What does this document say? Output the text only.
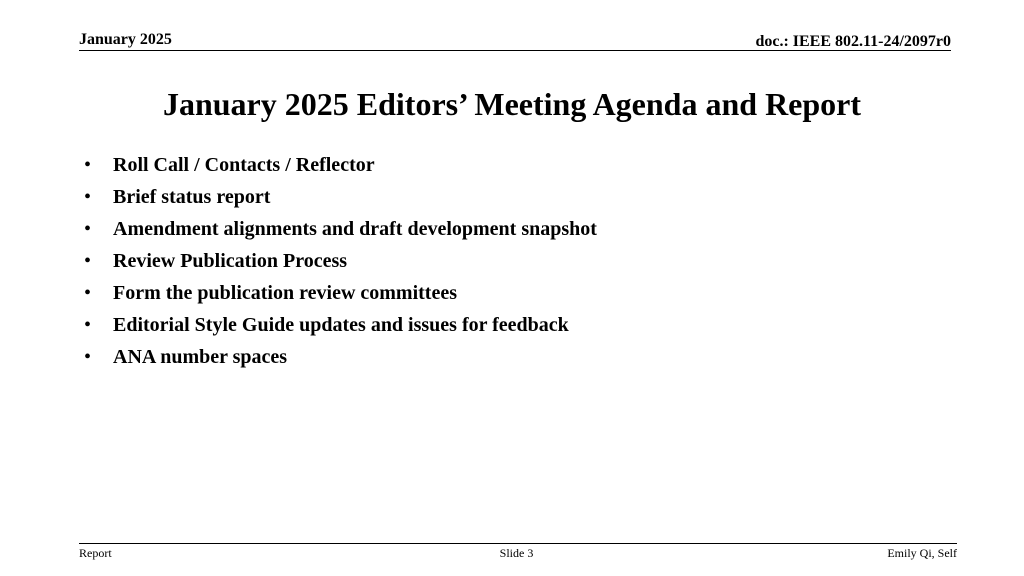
January 2025	doc.: IEEE 802.11-24/2097r0
January 2025 Editors’ Meeting Agenda and Report
• Roll Call / Contacts / Reflector
• Brief status report
• Amendment alignments and draft development snapshot
• Review Publication Process
• Form the publication review committees
• Editorial Style Guide updates and issues for feedback
• ANA number spaces
Report	Slide 3	Emily Qi, Self
